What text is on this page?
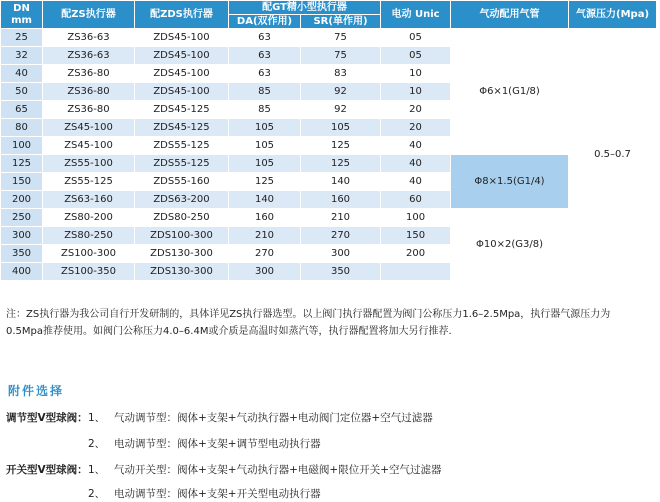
DN
mm	配ZS执行器	配ZDS执行器	配GT精小型执行器		电动 Unic	气动配用气管	气源压力(Mpa)
			DA(双作用)	SR(单作用)			
25	ZS36-63	ZDS45-100	63	75	05	Φ6×1(G1/8)	0.5–0.7
32	ZS36-63	ZDS45-100	63	75	05		
40	ZS36-80	ZDS45-100	63	83	10		
50	ZS36-80	ZDS45-100	85	92	10		
65	ZS36-80	ZDS45-125	85	92	20		
80	ZS45-100	ZDS45-125	105	105	20		
100	ZS45-100	ZDS55-125	105	125	40		
125	ZS55-100	ZDS55-125	105	125	40	Φ8×1.5(G1/4)	
150	ZS55-125	ZDS55-160	125	140	40		
200	ZS63-160	ZDS63-200	140	160	60		
250	ZS80-200	ZDS80-250	160	210	100	Φ10×2(G3/8)	
300	ZS80-250	ZDS100-300	210	270	150		
350	ZS100-300	ZDS130-300	270	300	200		
400	ZS100-350	ZDS130-300	300	350			
注：ZS执行器为我公司自行开发研制的，具体详见ZS执行器选型。以上阀门执行器配置为阀门公称压力1.6–2.5Mpa，执行器气源压力为
0.5Mpa推荐使用。如阀门公称压力4.0–6.4M或介质是高温时如蒸汽等，执行器配置将加大另行推荐.
附件选择
调节型V型球阀：1、 气动调节型：阀体+支架+气动执行器+电动阀门定位器+空气过滤器
2、 电动调节型：阀体+支架+调节型电动执行器
开关型V型球阀：1、 气动开关型：阀体+支架+气动执行器+电磁阀+限位开关+空气过滤器
2、 电动调节型：阀体+支架+开关型电动执行器
